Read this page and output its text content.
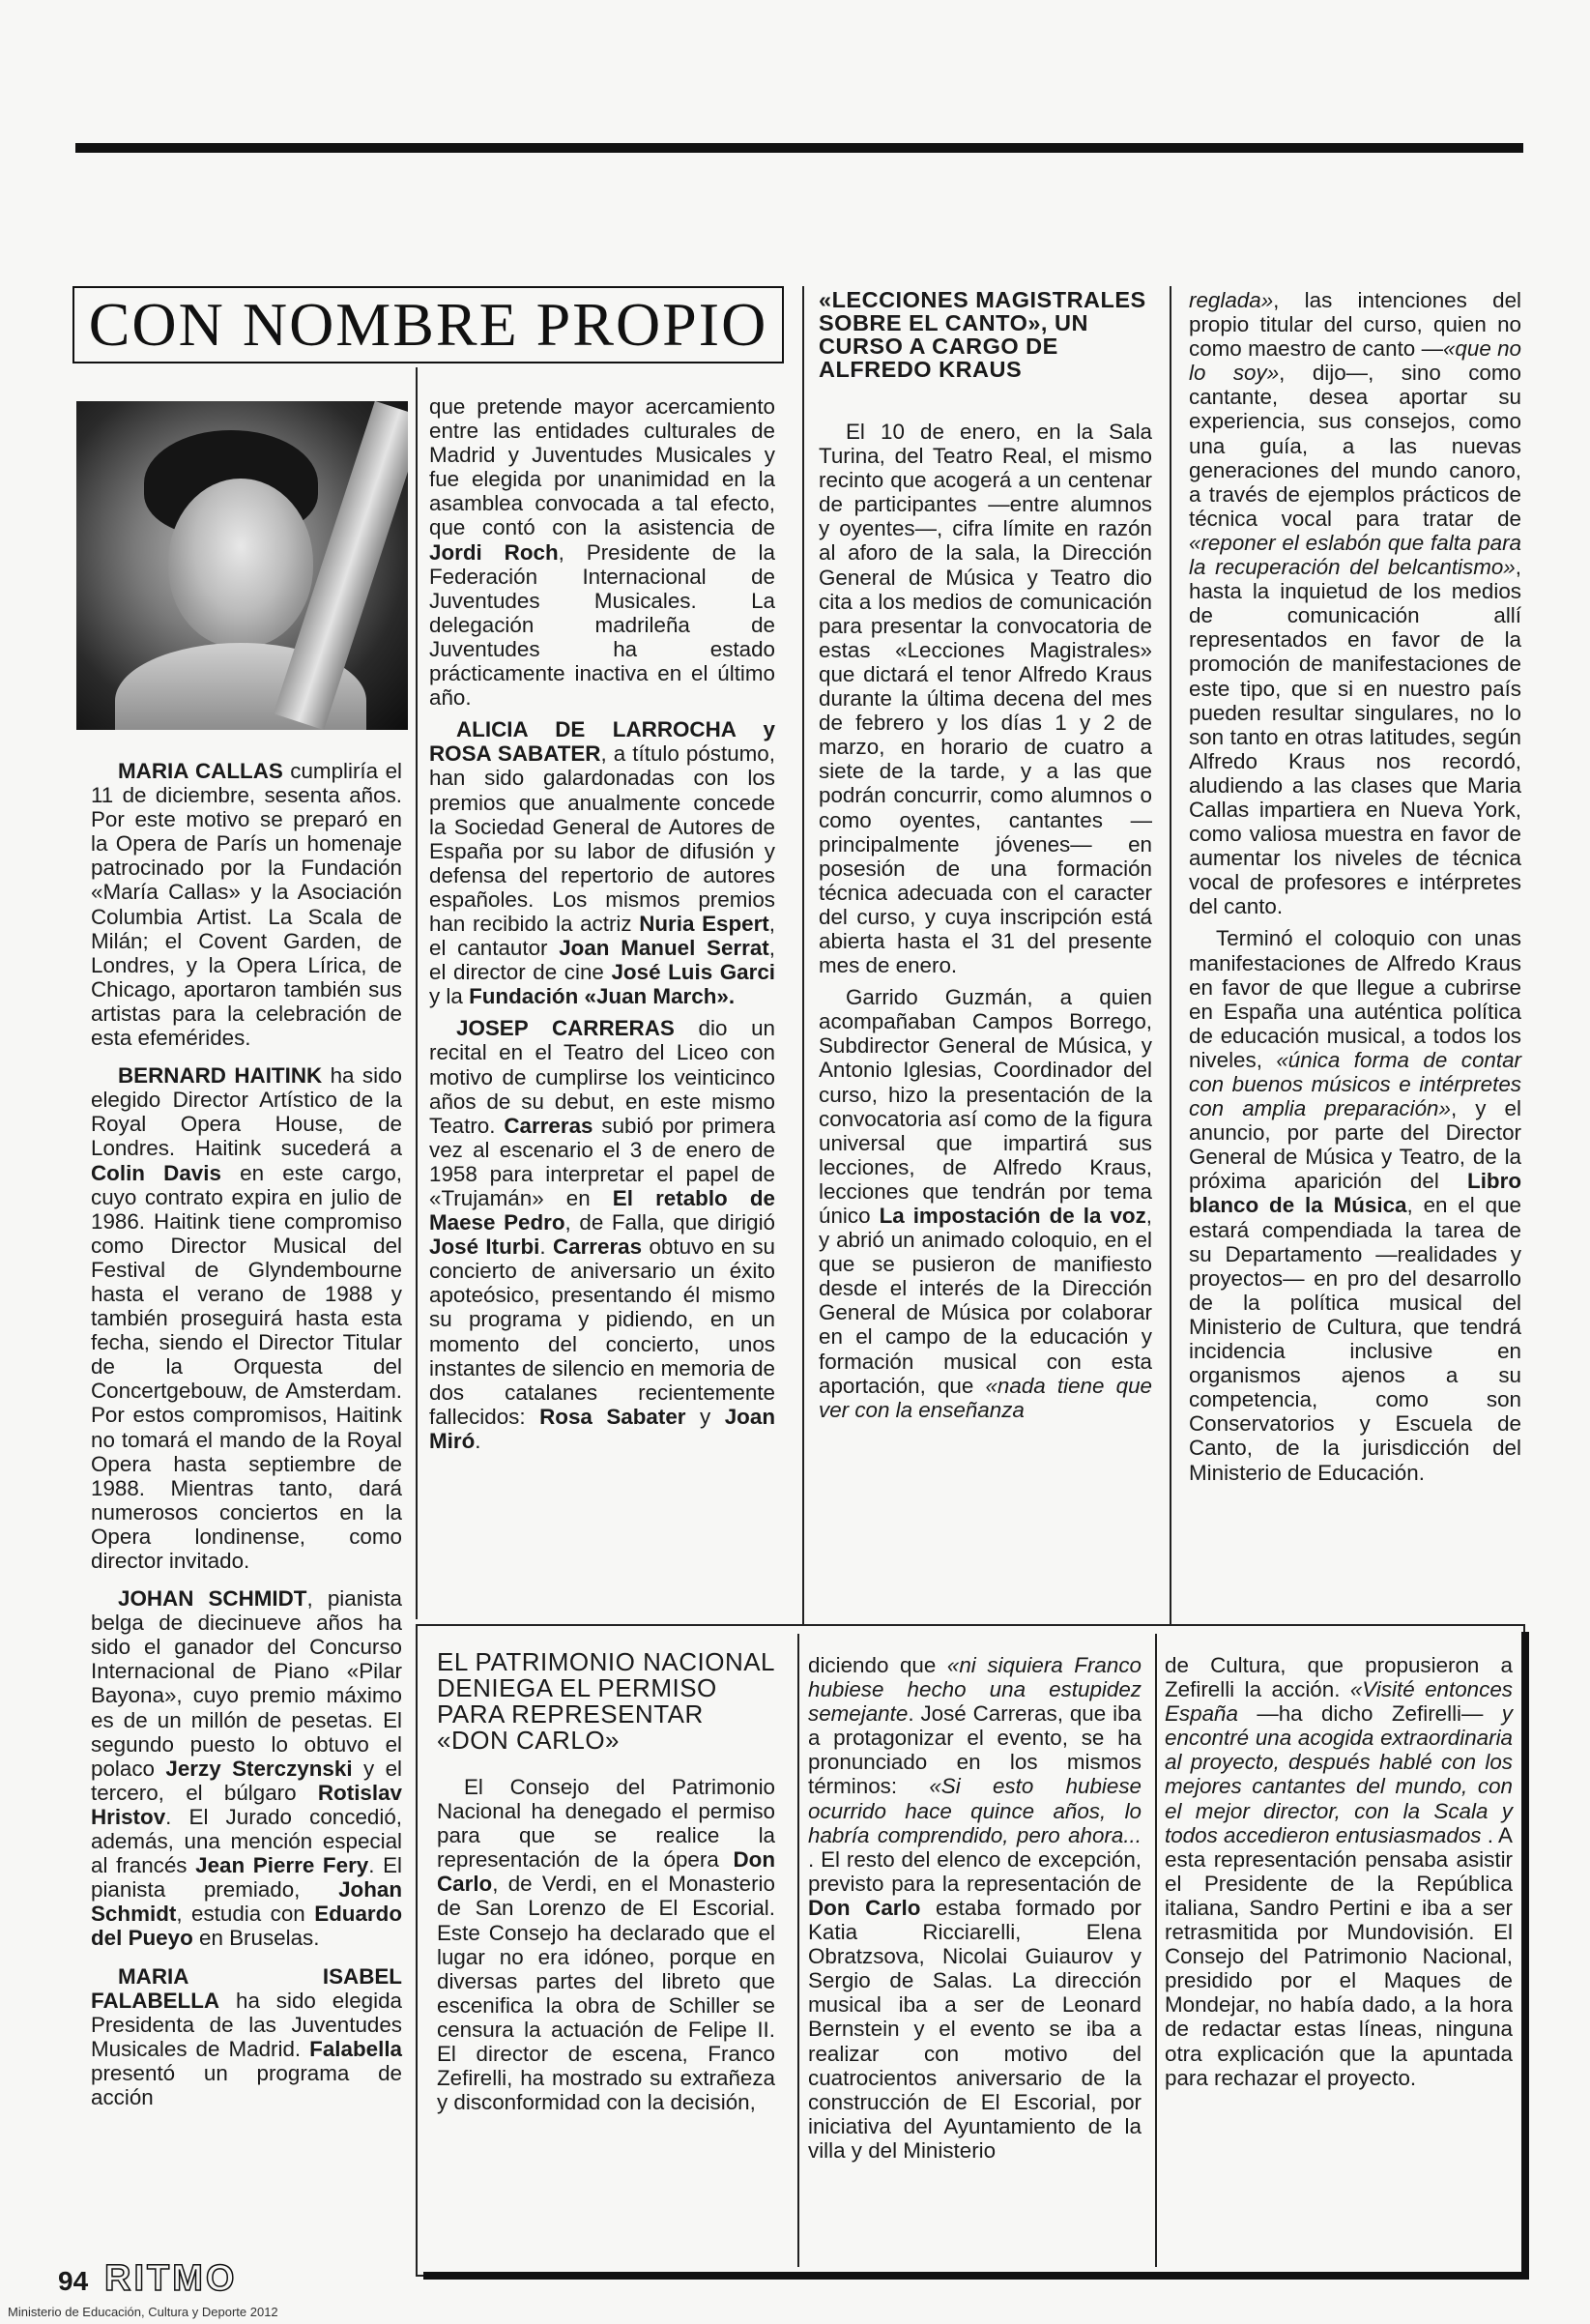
CON NOMBRE PROPIO

MARIA CALLAS cumpliría el 11 de diciembre, sesenta años. Por este motivo se preparó en la Opera de París un homenaje patrocinado por la Fundación «María Callas» y la Asociación Columbia Artist. La Scala de Milán; el Covent Garden, de Londres, y la Opera Lírica, de Chicago, aportaron también sus artistas para la celebración de esta efemérides.

BERNARD HAITINK ha sido elegido Director Artístico de la Royal Opera House, de Londres. Haitink sucederá a Colin Davis en este cargo, cuyo contrato expira en julio de 1986. Haitink tiene compromiso como Director Musical del Festival de Glyndembourne hasta el verano de 1988 y también proseguirá hasta esta fecha, siendo el Director Titular de la Orquesta del Concertgebouw, de Amsterdam. Por estos compromisos, Haitink no tomará el mando de la Royal Opera hasta septiembre de 1988. Mientras tanto, dará numerosos conciertos en la Opera londinense, como director invitado.

JOHAN SCHMIDT, pianista belga de diecinueve años ha sido el ganador del Concurso Internacional de Piano «Pilar Bayona», cuyo premio máximo es de un millón de pesetas. El segundo puesto lo obtuvo el polaco Jerzy Sterczynski y el tercero, el búlgaro Rotislav Hristov. El Jurado concedió, además, una mención especial al francés Jean Pierre Fery. El pianista premiado, Johan Schmidt, estudia con Eduardo del Pueyo en Bruselas.

MARIA ISABEL FALABELLA ha sido elegida Presidenta de las Juventudes Musicales de Madrid. Falabella presentó un programa de acción

que pretende mayor acercamiento entre las entidades culturales de Madrid y Juventudes Musicales y fue elegida por unanimidad en la asamblea convocada a tal efecto, que contó con la asistencia de Jordi Roch, Presidente de la Federación Internacional de Juventudes Musicales. La delegación madrileña de Juventudes ha estado prácticamente inactiva en el último año.

ALICIA DE LARROCHA y ROSA SABATER, a título póstumo, han sido galardonadas con los premios que anualmente concede la Sociedad General de Autores de España por su labor de difusión y defensa del repertorio de autores españoles. Los mismos premios han recibido la actriz Nuria Espert, el cantautor Joan Manuel Serrat, el director de cine José Luis Garci y la Fundación «Juan March».

JOSEP CARRERAS dio un recital en el Teatro del Liceo con motivo de cumplirse los veinticinco años de su debut, en este mismo Teatro. Carreras subió por primera vez al escenario el 3 de enero de 1958 para interpretar el papel de «Trujamán» en El retablo de Maese Pedro, de Falla, que dirigió José Iturbi. Carreras obtuvo en su concierto de aniversario un éxito apoteósico, presentando él mismo su programa y pidiendo, en un momento del concierto, unos instantes de silencio en memoria de dos catalanes recientemente fallecidos: Rosa Sabater y Joan Miró.

«LECCIONES MAGISTRALES SOBRE EL CANTO», UN CURSO A CARGO DE ALFREDO KRAUS

El 10 de enero, en la Sala Turina, del Teatro Real, el mismo recinto que acogerá a un centenar de participantes —entre alumnos y oyentes—, cifra límite en razón al aforo de la sala, la Dirección General de Música y Teatro dio cita a los medios de comunicación para presentar la convocatoria de estas «Lecciones Magistrales» que dictará el tenor Alfredo Kraus durante la última decena del mes de febrero y los días 1 y 2 de marzo, en horario de cuatro a siete de la tarde, y a las que podrán concurrir, como alumnos o como oyentes, cantantes —principalmente jóvenes— en posesión de una formación técnica adecuada con el caracter del curso, y cuya inscripción está abierta hasta el 31 del presente mes de enero.

Garrido Guzmán, a quien acompañaban Campos Borrego, Subdirector General de Música, y Antonio Iglesias, Coordinador del curso, hizo la presentación de la convocatoria así como de la figura universal que impartirá sus lecciones, de Alfredo Kraus, lecciones que tendrán por tema único La impostación de la voz, y abrió un animado coloquio, en el que se pusieron de manifiesto desde el interés de la Dirección General de Música por colaborar en el campo de la educación y formación musical con esta aportación, que «nada tiene que ver con la enseñanza

reglada», las intenciones del propio titular del curso, quien no como maestro de canto —«que no lo soy», dijo—, sino como cantante, desea aportar su experiencia, sus consejos, como una guía, a las nuevas generaciones del mundo canoro, a través de ejemplos prácticos de técnica vocal para tratar de «reponer el eslabón que falta para la recuperación del belcantismo», hasta la inquietud de los medios de comunicación allí representados en favor de la promoción de manifestaciones de este tipo, que si en nuestro país pueden resultar singulares, no lo son tanto en otras latitudes, según Alfredo Kraus nos recordó, aludiendo a las clases que Maria Callas impartiera en Nueva York, como valiosa muestra en favor de aumentar los niveles de técnica vocal de profesores e intérpretes del canto.

Terminó el coloquio con unas manifestaciones de Alfredo Kraus en favor de que llegue a cubrirse en España una auténtica política de educación musical, a todos los niveles, «única forma de contar con buenos músicos e intérpretes con amplia preparación», y el anuncio, por parte del Director General de Música y Teatro, de la próxima aparición del Libro blanco de la Música, en el que estará compendiada la tarea de su Departamento —realidades y proyectos— en pro del desarrollo de la política musical del Ministerio de Cultura, que tendrá incidencia inclusive en organismos ajenos a su competencia, como son Conservatorios y Escuela de Canto, de la jurisdicción del Ministerio de Educación.

EL PATRIMONIO NACIONAL DENIEGA EL PERMISO PARA REPRESENTAR «DON CARLO»

El Consejo del Patrimonio Nacional ha denegado el permiso para que se realice la representación de la ópera Don Carlo, de Verdi, en el Monasterio de San Lorenzo de El Escorial. Este Consejo ha declarado que el lugar no era idóneo, porque en diversas partes del libreto que escenifica la obra de Schiller se censura la actuación de Felipe II. El director de escena, Franco Zefirelli, ha mostrado su extrañeza y disconformidad con la decisión,

diciendo que «ni siquiera Franco hubiese hecho una estupidez semejante. José Carreras, que iba a protagonizar el evento, se ha pronunciado en los mismos términos: «Si esto hubiese ocurrido hace quince años, lo habría comprendido, pero ahora... . El resto del elenco de excepción, previsto para la representación de Don Carlo estaba formado por Katia Ricciarelli, Elena Obratzsova, Nicolai Guiaurov y Sergio de Salas. La dirección musical iba a ser de Leonard Bernstein y el evento se iba a realizar con motivo del cuatrocientos aniversario de la construcción de El Escorial, por iniciativa del Ayuntamiento de la villa y del Ministerio

de Cultura, que propusieron a Zefirelli la acción. «Visité entonces España —ha dicho Zefirelli— y encontré una acogida extraordinaria al proyecto, después hablé con los mejores cantantes del mundo, con el mejor director, con la Scala y todos accedieron entusiasmados . A esta representación pensaba asistir el Presidente de la República italiana, Sandro Pertini e iba a ser retrasmitida por Mundovisión. El Consejo del Patrimonio Nacional, presidido por el Maques de Mondejar, no había dado, a la hora de redactar estas líneas, ninguna otra explicación que la apuntada para rechazar el proyecto.

94 RITMO
Ministerio de Educación, Cultura y Deporte 2012
